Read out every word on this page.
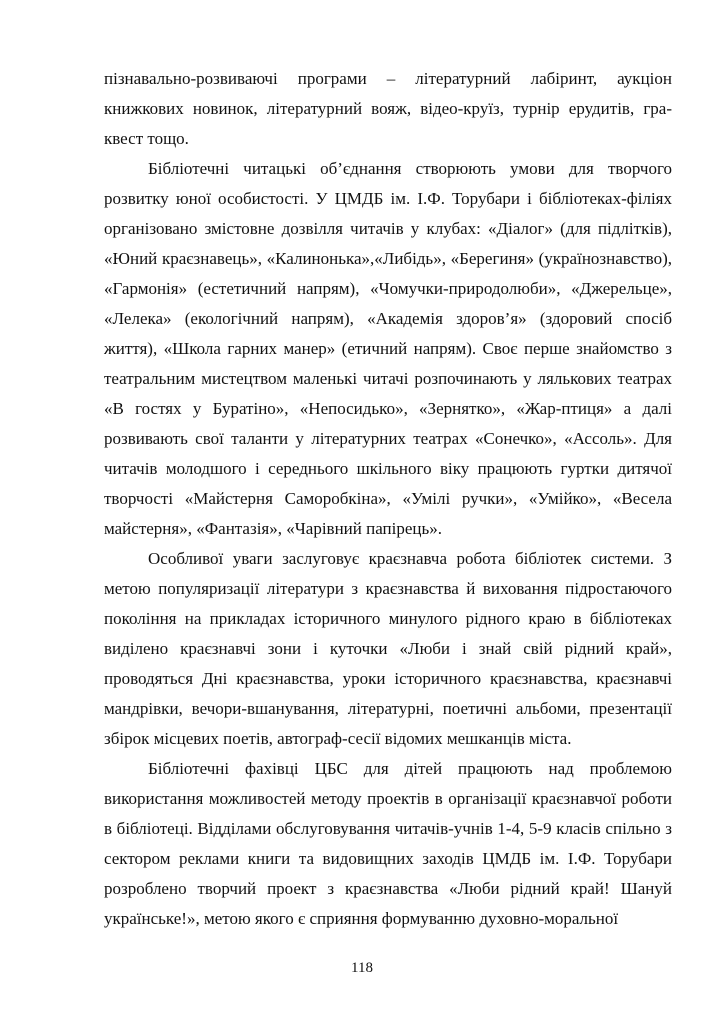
пізнавально-розвиваючі програми – літературний лабіринт, аукціон книжкових новинок, літературний вояж, відео-круїз, турнір ерудитів, гра-квест тощо.

Бібліотечні читацькі об’єднання створюють умови для творчого розвитку юної особистості. У ЦМДБ ім. І.Ф. Торубари і бібліотеках-філіях організовано змістовне дозвілля читачів у клубах: «Діалог» (для підлітків), «Юний краєзнавець», «Калинонька»,«Либідь», «Берегиня» (українознавство), «Гармонія» (естетичний напрям), «Чомучки-природолюби», «Джерельце», «Лелека» (екологічний напрям), «Академія здоров’я» (здоровий спосіб життя), «Школа гарних манер» (етичний напрям). Своє перше знайомство з театральним мистецтвом маленькі читачі розпочинають у лялькових театрах «В гостях у Буратіно», «Непосидько», «Зернятко», «Жар-птиця» а далі розвивають свої таланти у літературних театрах «Сонечко», «Ассоль». Для читачів молодшого і середнього шкільного віку працюють гуртки дитячої творчості «Майстерня Саморобкіна», «Умілі ручки», «Умійко», «Весела майстерня», «Фантазія», «Чарівний папірець».

Особливої уваги заслуговує краєзнавча робота бібліотек системи. З метою популяризації літератури з краєзнавства й виховання підростаючого покоління на прикладах історичного минулого рідного краю в бібліотеках виділено краєзнавчі зони і куточки «Люби і знай свій рідний край», проводяться Дні краєзнавства, уроки історичного краєзнавства, краєзнавчі мандрівки, вечори-вшанування, літературні, поетичні альбоми, презентації збірок місцевих поетів, автограф-сесії відомих мешканців міста.

Бібліотечні фахівці ЦБС для дітей працюють над проблемою використання можливостей методу проектів в організації краєзнавчої роботи в бібліотеці. Відділами обслуговування читачів-учнів 1-4, 5-9 класів спільно з сектором реклами книги та видовищних заходів ЦМДБ ім. І.Ф. Торубари розроблено творчий проект з краєзнавства «Люби рідний край! Шануй українське!», метою якого є сприяння формуванню духовно-моральної

118
